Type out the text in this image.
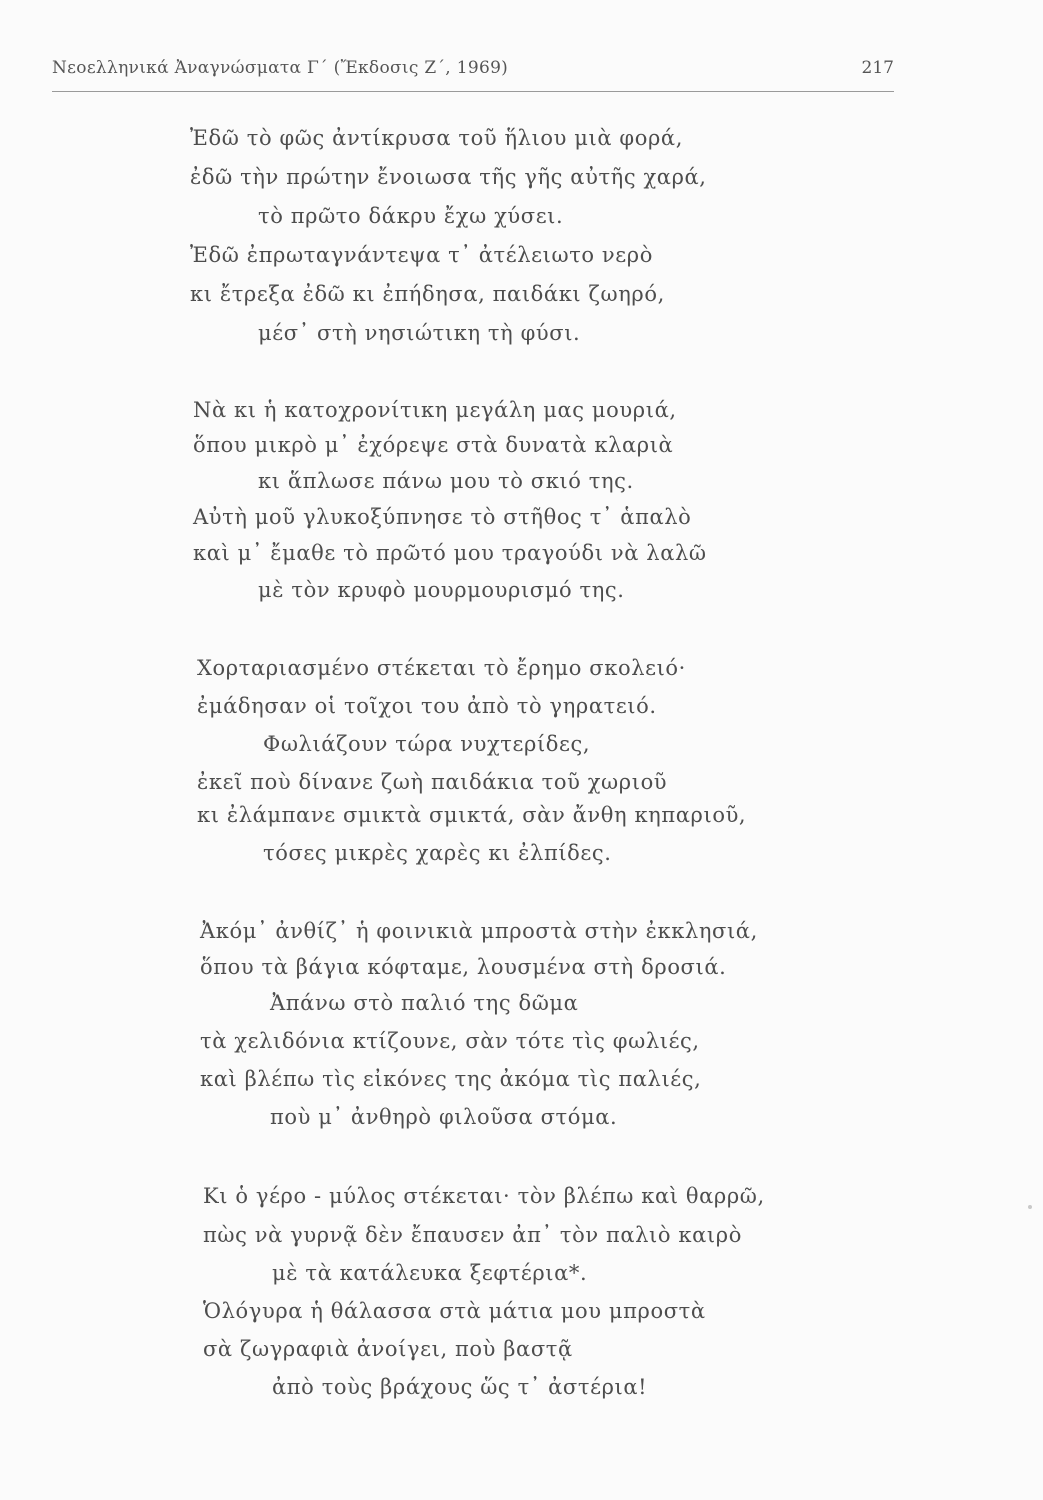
Νεοελληνικά Ἀναγνώσματα Γ΄ (Ἔκδοσις Ζ΄, 1969)	217
Ἐδῶ τὸ φῶς ἀντίκρυσα τοῦ ἥλιου μιὰ φορά,
ἐδῶ τὴν πρώτην ἔνοιωσα τῆς γῆς αὐτῆς χαρά,
τὸ πρῶτο δάκρυ ἔχω χύσει.
Ἐδῶ ἐπρωταγνάντεψα τ᾽ ἀτέλειωτο νερὸ
κι ἔτρεξα ἐδῶ κι ἐπήδησα, παιδάκι ζωηρό,
μέσ᾽ στὴ νησιώτικη τὴ φύσι.
Νὰ κι ἡ κατοχρονίτικη μεγάλη μας μουριά,
ὅπου μικρὸ μ᾽ ἐχόρεψε στὰ δυνατὰ κλαριὰ
κι ἅπλωσε πάνω μου τὸ σκιό της.
Αὐτὴ μοῦ γλυκοξύπνησε τὸ στῆθος τ᾽ ἁπαλὸ
καὶ μ᾽ ἔμαθε τὸ πρῶτό μου τραγούδι νὰ λαλῶ
μὲ τὸν κρυφὸ μουρμουρισμό της.
Χορταριασμένο στέκεται τὸ ἔρημο σκολειό·
ἐμάδησαν οἱ τοῖχοι του ἀπὸ τὸ γηρατειό.
Φωλιάζουν τώρα νυχτερίδες,
ἐκεῖ ποὺ δίνανε ζωὴ παιδάκια τοῦ χωριοῦ
κι ἐλάμπανε σμικτὰ σμικτά, σὰν ἄνθη κηπαριοῦ,
τόσες μικρὲς χαρὲς κι ἐλπίδες.
Ἀκόμ᾽ ἀνθίζ᾽ ἡ φοινικιὰ μπροστὰ στὴν ἐκκλησιά,
ὅπου τὰ βάγια κόφταμε, λουσμένα στὴ δροσιά.
Ἀπάνω στὸ παλιό της δῶμα
τὰ χελιδόνια κτίζουνε, σὰν τότε τὶς φωλιές,
καὶ βλέπω τὶς εἰκόνες της ἀκόμα τὶς παλιές,
ποὺ μ᾽ ἀνθηρὸ φιλοῦσα στόμα.
Κι ὁ γέρο - μύλος στέκεται· τὸν βλέπω καὶ θαρρῶ,
πὼς νὰ γυρνᾷ δὲν ἔπαυσεν ἀπ᾽ τὸν παλιὸ καιρὸ
μὲ τὰ κατάλευκα ξεφτέρια*.
Ὁλόγυρα ἡ θάλασσα στὰ μάτια μου μπροστὰ
σὰ ζωγραφιὰ ἀνοίγει, ποὺ βαστᾷ
ἀπὸ τοὺς βράχους ὥς τ᾽ ἀστέρια!
